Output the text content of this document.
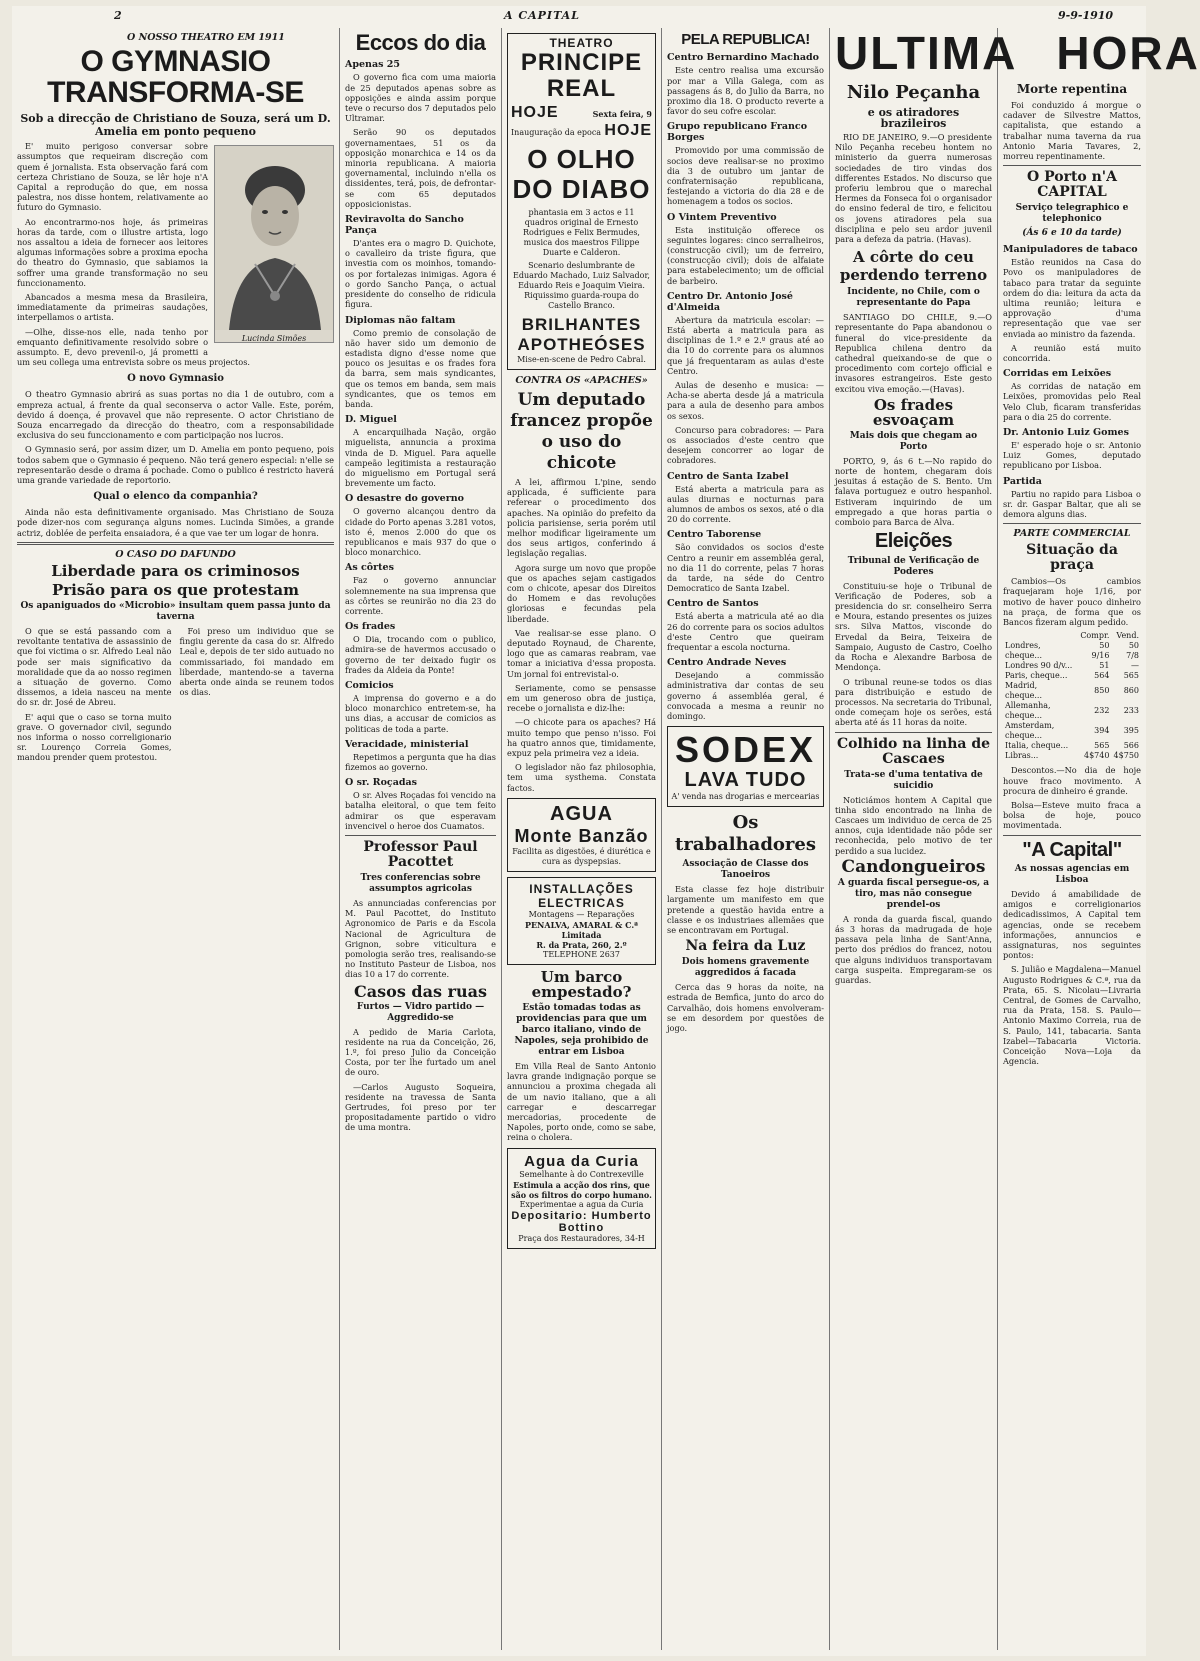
2	A CAPITAL	9-9-1910
O NOSSO THEATRO EM 1911
O GYMNASIO TRANSFORMA-SE
Sob a direcção de Christiano de Souza, será um D. Amelia em ponto pequeno
Lucinda Simões

E' muito perigoso conversar sobre assumptos que requeiram discreção com quem é jornalista. Esta observação fará com certeza Christiano de Souza, se lêr hoje n'A Capital a reprodução do que, em nossa palestra, nos disse hontem, relativamente ao futuro do Gymnasio.

Ao encontrarmo-nos hoje, ás primeiras horas da tarde, com o illustre artista, logo nos assaltou a ideia de fornecer aos leitores algumas informações sobre a proxima epocha do theatro do Gymnasio, que sabiamos ia soffrer uma grande transformação no seu funccionamento.

Abancados a mesma mesa da Brasileira, immediatamente da primeiras saudações, interpellamos o artista.

—Olhe, disse-nos elle, nada tenho por emquanto definitivamente resolvido sobre o assumpto. E, devo prevenil-o, já prometti a um seu collega uma entrevista sobre os meus projectos.

O novo Gymnasio

O theatro Gymnasio abrirá as suas portas no dia 1 de outubro, com a empreza actual, á frente da qual seconserva o actor Valle. Este, porém, devido á doença, é provavel que não represente. O actor Christiano de Souza encarregado da direcção do theatro, com a responsabilidade exclusiva do seu funccionamento e com participação nos lucros.

O Gymnasio será, por assim dizer, um D. Amelia em ponto pequeno, pois todos sabem que o Gymnasio é pequeno. Não terá genero especial: n'elle se representarão desde o drama á pochade. Como o publico é restricto haverá uma grande variedade de reportorio.

Qual o elenco da companhia?

Ainda não esta definitivamente organisado. Mas Christiano de Souza pode dizer-nos com segurança alguns nomes. Lucinda Simões, a grande actriz, doblée de perfeita ensaiadora, é a que vae ter um logar de honra.

O CASO DO DAFUNDO
Liberdade para os criminosos
Prisão para os que protestam
Os apaniguados do «Microbio» insultam quem passa junto da taverna

O que se está passando com a revoltante tentativa de assassinio de que foi victima o sr. Alfredo Leal não pode ser mais significativo da moralidade que da ao nosso regimen a situação de governo. Como dissemos, a ideia nasceu na mente do sr. dr. José de Abreu.

E' aqui que o caso se torna muito grave. O governador civil, segundo nos informa o nosso correligionario sr. Lourenço Correia Gomes, mandou prender quem protestou.

Foi preso um individuo que se fingiu gerente da casa do sr. Alfredo Leal e, depois de ter sido autuado no commissariado, foi mandado em liberdade, mantendo-se a taverna aberta onde ainda se reunem todos os dias.

Eccos do dia
Apenas 25

O governo fica com uma maioria de 25 deputados apenas sobre as opposições e ainda assim porque teve o recurso dos 7 deputados pelo Ultramar.

Serão 90 os deputados governamentaes, 51 os da opposição monarchica e 14 os da minoria republicana. A maioria governamental, incluindo n'ella os dissidentes, terá, pois, de defrontar-se com 65 deputados opposicionistas.

Reviravolta do Sancho Pança

D'antes era o magro D. Quichote, o cavalleiro da triste figura, que investia com os moinhos, tomando-os por fortalezas inimigas. Agora é o gordo Sancho Pança, o actual presidente do conselho de ridicula figura.

Diplomas não faltam

Como premio de consolação de não haver sido um demonio de estadista digno d'esse nome que pouco os jesuitas e os frades fora da barra, sem mais syndicantes, que os temos em banda, sem mais syndicantes, que os temos em banda.

D. Miguel

A encarquilhada Nação, orgão miguelista, annuncia a proxima vinda de D. Miguel. Para aquelle campeão legitimista a restauração do miguelismo em Portugal será brevemente um facto.

O desastre do governo

O governo alcançou dentro da cidade do Porto apenas 3.281 votos, isto é, menos 2.000 do que os republicanos e mais 937 do que o bloco monarchico.

As côrtes

Faz o governo annunciar solemnemente na sua imprensa que as côrtes se reunirão no dia 23 do corrente.

Os frades

O Dia, trocando com o publico, admira-se de havermos accusado o governo de ter deixado fugir os frades da Aldeia da Ponte!

Comicios

A imprensa do governo e a do bloco monarchico entretem-se, ha uns dias, a accusar de comicios as politicas de toda a parte.

Veracidade, ministerial

Repetimos a pergunta que ha dias fizemos ao governo.

O sr. Roçadas

O sr. Alves Roçadas foi vencido na batalha eleitoral, o que tem feito admirar os que esperavam invencivel o heroe dos Cuamatos.

Professor Paul Pacottet
Tres conferencias sobre assumptos agricolas

As annunciadas conferencias por M. Paul Pacottet, do Instituto Agronomico de Paris e da Escola Nacional de Agricultura de Grignon, sobre viticultura e pomologia serão tres, realisando-se no Instituto Pasteur de Lisboa, nos dias 10 a 17 do corrente.

Casos das ruas
Furtos — Vidro partido — Aggredido-se

A pedido de Maria Carlota, residente na rua da Conceição, 26, 1.º, foi preso Julio da Conceição Costa, por ter lhe furtado um anel de ouro.

—Carlos Augusto Soqueira, residente na travessa de Santa Gertrudes, foi preso por ter propositadamente partido o vidro de uma montra.

THEATRO
PRINCIPE REAL
HOJE	Sexta feira, 9
Inauguração da epoca HOJE
O OLHO DO DIABO
phantasia em 3 actos e 11 quadros original de Ernesto Rodrigues e Felix Bermudes, musica dos maestros Filippe Duarte e Calderon.
Scenario deslumbrante de Eduardo Machado, Luiz Salvador, Eduardo Reis e Joaquim Vieira. Riquissimo guarda-roupa do Castello Branco.
BRILHANTES
APOTHEÓSES
Mise-en-scene de Pedro Cabral.
CONTRA OS «APACHES»
Um deputado francez propõe o uso do chicote

A lei, affirmou L'pine, sendo applicada, é sufficiente para referear o procedimento dos apaches. Na opinião do prefeito da policia parisiense, seria porém util melhor modificar ligeiramente um dos seus artigos, conferindo á legislação regalias.

Agora surge um novo que propõe que os apaches sejam castigados com o chicote, apesar dos Direitos do Homem e das revoluções gloriosas e fecundas pela liberdade.

Vae realisar-se esse plano. O deputado Roynaud, de Charente, logo que as camaras reabram, vae tomar a iniciativa d'essa proposta. Um jornal foi entrevistal-o.

Seriamente, como se pensasse em um generoso obra de justiça, recebe o jornalista e diz-lhe:

—O chicote para os apaches? Há muito tempo que penso n'isso. Foi ha quatro annos que, timidamente, expuz pela primeira vez a ideia.

O legislador não faz philosophia, tem uma systhema. Constata factos.

AGUA
Monte Banzão
Facilita as digestões, é diurética e cura as dyspepsias.
INSTALLAÇÕES ELECTRICAS
Montagens — Reparações
PENALVA, AMARAL & C.ª Limitada
R. da Prata, 260, 2.º
TELEPHONE 2637
Um barco empestado?
Estão tomadas todas as providencias para que um barco italiano, vindo de Napoles, seja prohibido de entrar em Lisboa

Em Villa Real de Santo Antonio lavra grande indignação porque se annunciou a proxima chegada ali de um navio italiano, que a ali carregar e descarregar mercadorias, procedente de Napoles, porto onde, como se sabe, reina o cholera.

Agua da Curia
Semelhante à do Contrexeville
Estimula a acção dos rins, que são os filtros do corpo humano.
Experimentae a agua da Curia
Depositario: Humberto Bottino
Praça dos Restauradores, 34-H
PELA REPUBLICA!
Centro Bernardino Machado

Este centro realisa uma excursão por mar a Villa Galega, com as passagens ás 8, do Julio da Barra, no proximo dia 18. O producto reverte a favor do seu cofre escolar.

Grupo republicano Franco Borges

Promovido por uma commissão de socios deve realisar-se no proximo dia 3 de outubro um jantar de confraternisação republicana, festejando a victoria do dia 28 e de homenagem a todos os socios.

O Vintem Preventivo

Esta instituição offerece os seguintes logares: cinco serralheiros, (construcção civil); um de ferreiro, (construcção civil); dois de alfaiate para estabelecimento; um de official de barbeiro.

Centro Dr. Antonio José d'Almeida

Abertura da matricula escolar: — Está aberta a matricula para as disciplinas de 1.º e 2.º graus até ao dia 10 do corrente para os alumnos que já frequentaram as aulas d'este Centro.

Aulas de desenho e musica: — Acha-se aberta desde já a matricula para a aula de desenho para ambos os sexos.

Concurso para cobradores: — Para os associados d'este centro que desejem concorrer ao logar de cobradores.

Centro de Santa Izabel

Está aberta a matricula para as aulas diurnas e nocturnas para alumnos de ambos os sexos, até o dia 20 do corrente.

Centro Taborense

São convidados os socios d'este Centro a reunir em assembléa geral, no dia 11 do corrente, pelas 7 horas da tarde, na séde do Centro Democratico de Santa Izabel.

Centro de Santos

Está aberta a matricula até ao dia 26 do corrente para os socios adultos d'este Centro que queiram frequentar a escola nocturna.

Centro Andrade Neves

Desejando a commissão administrativa dar contas de seu governo á assembléa geral, é convocada a mesma a reunir no domingo.

SODEX
LAVA TUDO
A' venda nas drogarias e mercearias
Os trabalhadores
Associação de Classe dos Tanoeiros

Esta classe fez hoje distribuir largamente um manifesto em que pretende a questão havida entre a classe e os industriaes allemães que se encontravam em Portugal.

Na feira da Luz
Dois homens gravemente aggredidos á facada

Cerca das 9 horas da noite, na estrada de Bemfica, junto do arco do Carvalhão, dois homens envolveram-se em desordem por questões de jogo.

ULTIMA HORA
Nilo Peçanha
e os atiradores brazileiros

RIO DE JANEIRO, 9.—O presidente Nilo Peçanha recebeu hontem no ministerio da guerra numerosas sociedades de tiro vindas dos differentes Estados. No discurso que proferiu lembrou que o marechal Hermes da Fonseca foi o organisador do ensino federal de tiro, e felicitou os jovens atiradores pela sua disciplina e pelo seu ardor juvenil para a defeza da patria. (Havas).

A côrte do ceu perdendo terreno
Incidente, no Chile, com o representante do Papa

SANTIAGO DO CHILE, 9.—O representante do Papa abandonou o funeral do vice-presidente da Republica chilena dentro da cathedral queixando-se de que o procedimento com cortejo official e invasores estrangeiros. Este gesto excitou viva emoção.—(Havas).

Os frades esvoaçam
Mais dois que chegam ao Porto

PORTO, 9, ás 6 t.—No rapido do norte de hontem, chegaram dois jesuitas á estação de S. Bento. Um falava portuguez e outro hespanhol. Estiveram inquirindo de um empregado a que horas partia o comboio para Barca de Alva.

Eleições
Tribunal de Verificação de Poderes

Constituiu-se hoje o Tribunal de Verificação de Poderes, sob a presidencia do sr. conselheiro Serra e Moura, estando presentes os juizes srs. Silva Mattos, visconde do Ervedal da Beira, Teixeira de Sampaio, Augusto de Castro, Coelho da Rocha e Alexandre Barbosa de Mendonça.

O tribunal reune-se todos os dias para distribuição e estudo de processos. Na secretaria do Tribunal, onde começam hoje os serões, está aberta até ás 11 horas da noite.

Colhido na linha de Cascaes
Trata-se d'uma tentativa de suicidio

Noticiámos hontem A Capital que tinha sido encontrado na linha de Cascaes um individuo de cerca de 25 annos, cuja identidade não pôde ser reconhecida, pelo motivo de ter perdido a sua lucidez.

Candongueiros
A guarda fiscal persegue-os, a tiro, mas não consegue prendel-os

A ronda da guarda fiscal, quando ás 3 horas da madrugada de hoje passava pela linha de Sant'Anna, perto dos prédios do francez, notou que alguns individuos transportavam carga suspeita. Empregaram-se os guardas.

Morte repentina

Foi conduzido á morgue o cadaver de Silvestre Mattos, capitalista, que estando a trabalhar numa taverna da rua Antonio Maria Tavares, 2, morreu repentinamente.

O Porto n'A CAPITAL
Serviço telegraphico e telephonico
(Ás 6 e 10 da tarde)
Manipuladores de tabaco

Estão reunidos na Casa do Povo os manipuladores de tabaco para tratar da seguinte ordem do dia: leitura da acta da ultima reunião; leitura e approvação d'uma representação que vae ser enviada ao ministro da fazenda.

A reunião está muito concorrida.

Corridas em Leixões

As corridas de natação em Leixões, promovidas pelo Real Velo Club, ficaram transferidas para o dia 25 do corrente.

Dr. Antonio Luiz Gomes

E' esperado hoje o sr. Antonio Luiz Gomes, deputado republicano por Lisboa.

Partida

Partiu no rapido para Lisboa o sr. dr. Gaspar Baltar, que ali se demora alguns dias.

PARTE COMMERCIAL
Situação da praça

Cambios—Os cambios fraquejaram hoje 1/16, por motivo de haver pouco dinheiro na praça, de forma que os Bancos fizeram algum pedido.

	Compr.	Vend.
Londres, cheque...	50 9/16	50 7/8
Londres 90 d/v...	51	—
Paris, cheque...	564	565
Madrid, cheque...	850	860
Allemanha, cheque...	232	233
Amsterdam, cheque...	394	395
Italia, cheque...	565	566
Libras...	4$740	4$750

Descontos.—No dia de hoje houve fraco movimento. A procura de dinheiro é grande.

Bolsa—Esteve muito fraca a bolsa de hoje, pouco movimentada.

"A Capital"
As nossas agencias em Lisboa

Devido á amabilidade de amigos e correligionarios dedicadissimos, A Capital tem agencias, onde se recebem informações, annuncios e assignaturas, nos seguintes pontos:

S. Julião e Magdalena—Manuel Augusto Rodrigues & C.ª, rua da Prata, 65. S. Nicolau—Livraria Central, de Gomes de Carvalho, rua da Prata, 158. S. Paulo—Antonio Maximo Correia, rua de S. Paulo, 141, tabacaria. Santa Izabel—Tabacaria Victoria. Conceição Nova—Loja da Agencia.
